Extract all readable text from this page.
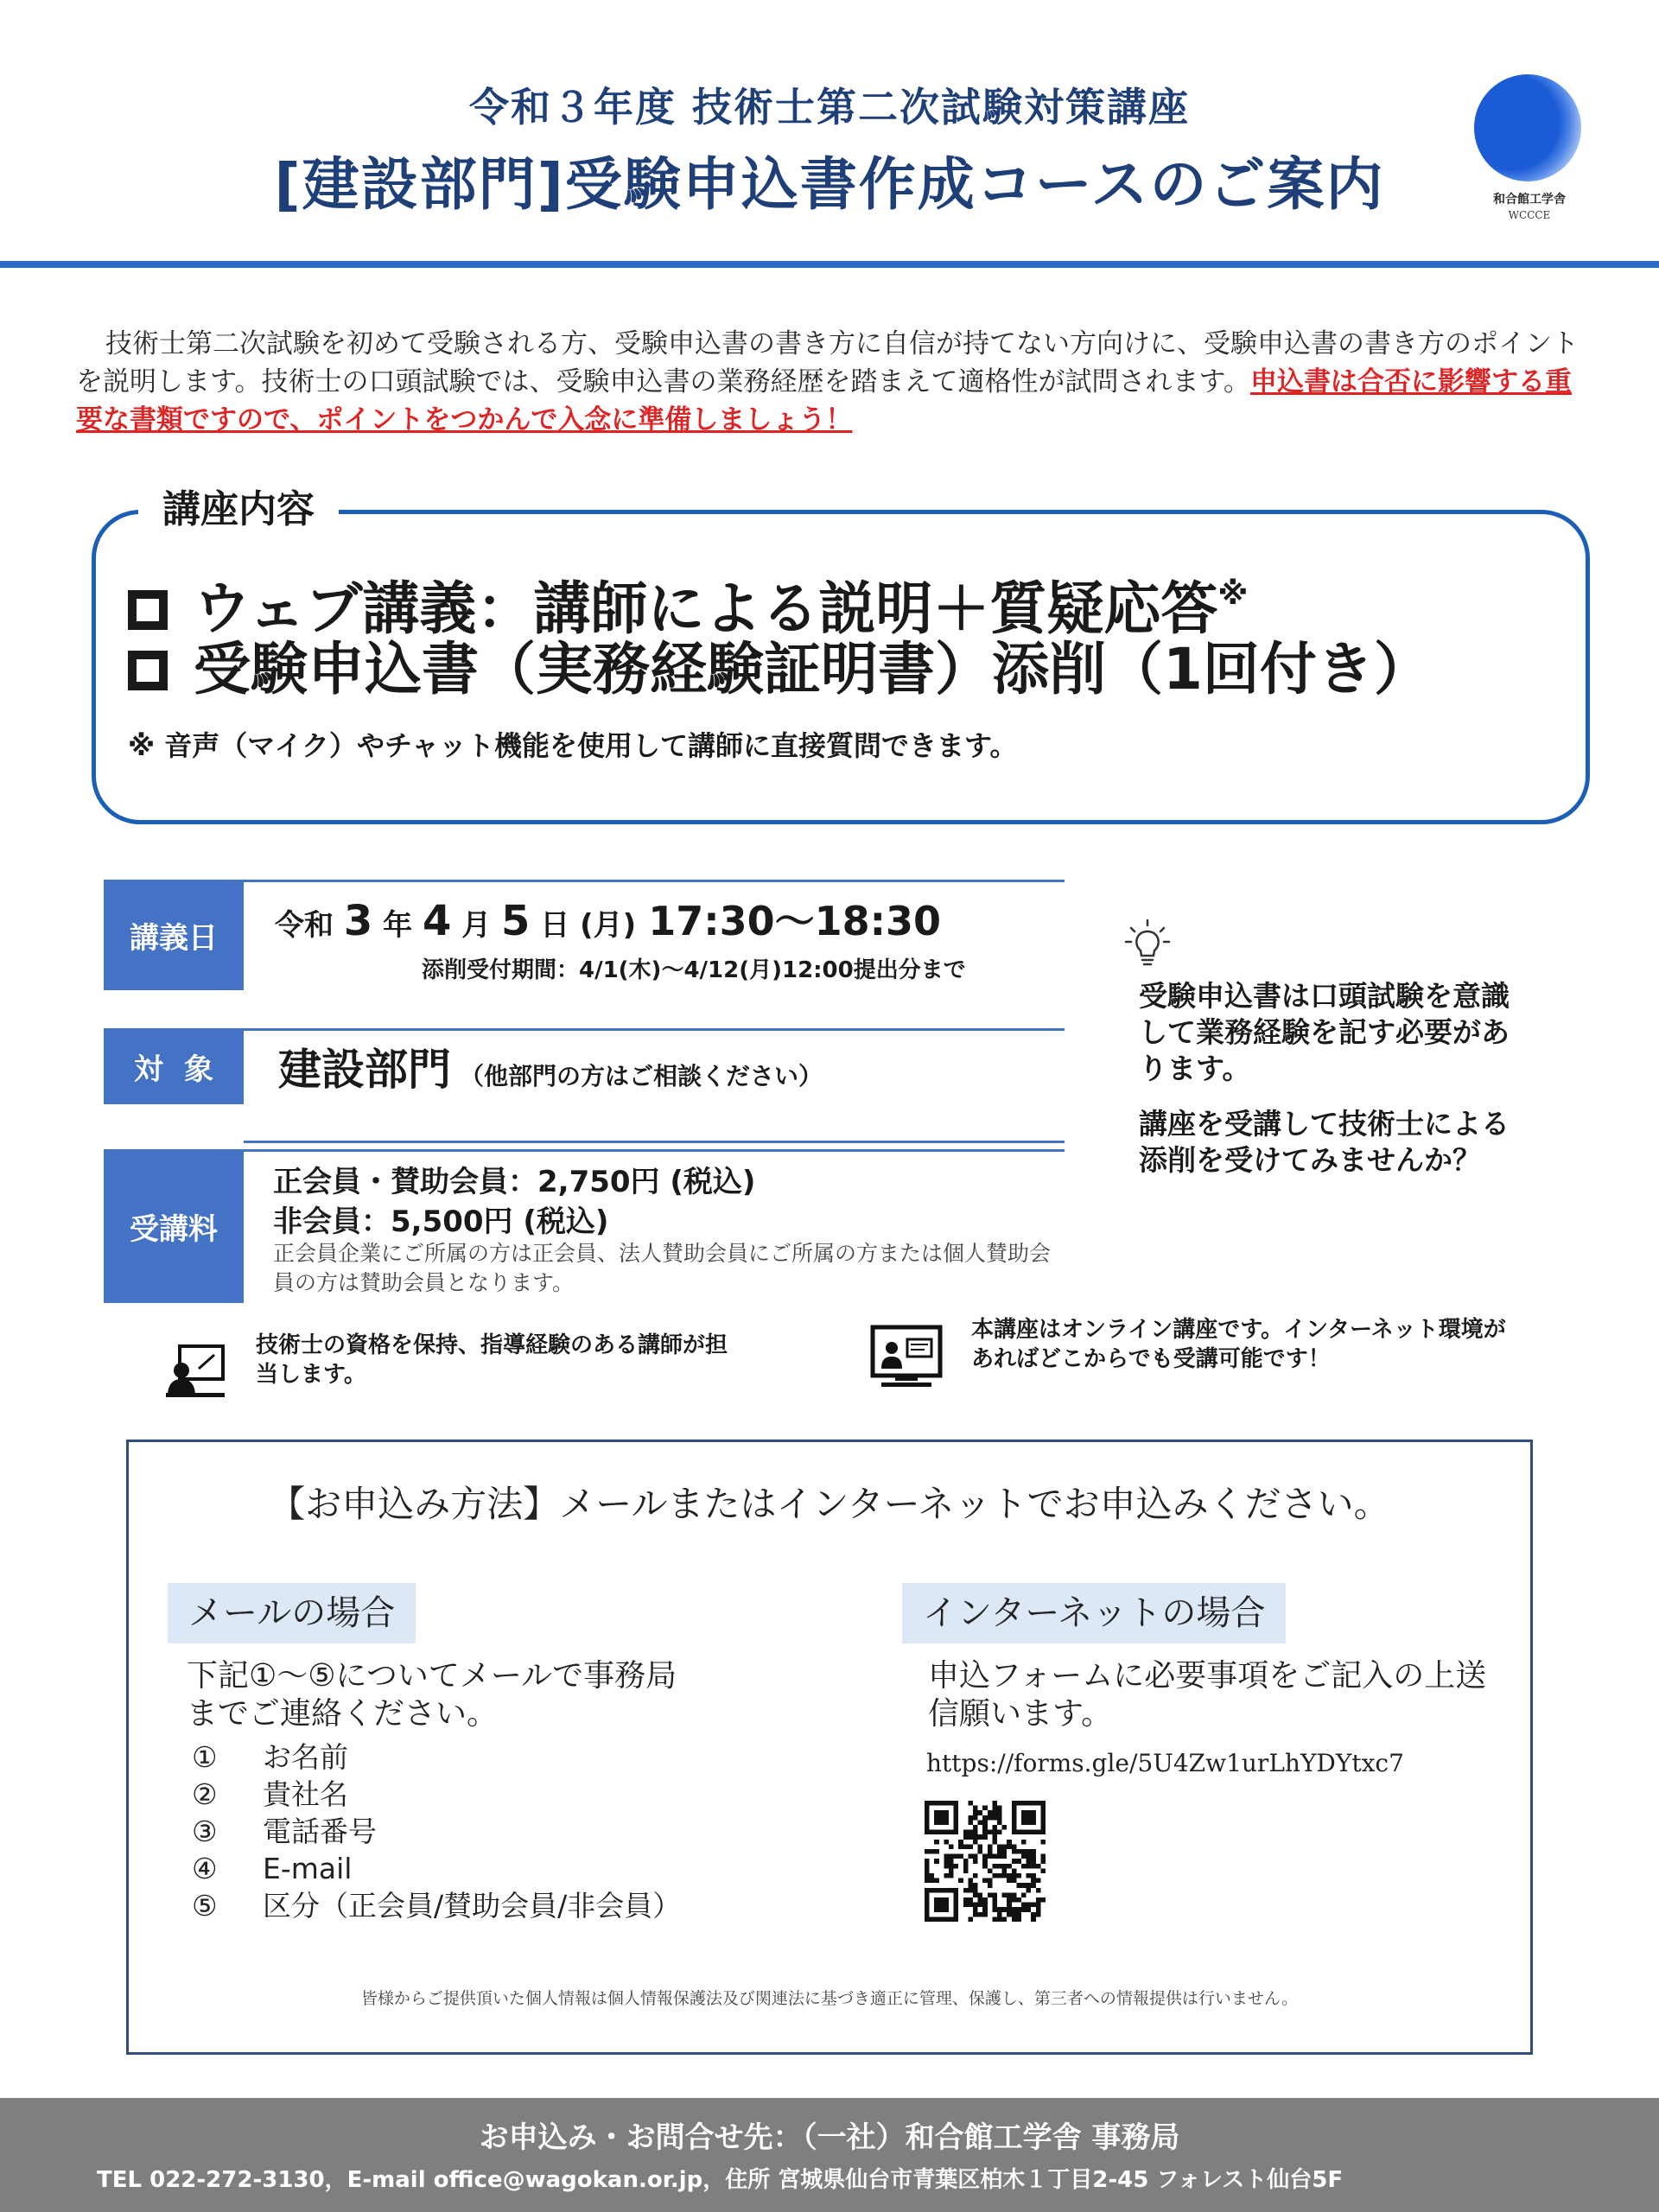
令和３年度 技術士第二次試験対策講座
[建設部門]受験申込書作成コースのご案内	和合館工学舎
WCCCE
技術士第二次試験を初めて受験される方、受験申込書の書き方に自信が持てない方向けに、受験申込書の書き方のポイントを説明します。技術士の口頭試験では、受験申込書の業務経歴を踏まえて適格性が試問されます。申込書は合否に影響する重要な書類ですので、ポイントをつかんで入念に準備しましょう！
講座内容
ウェブ講義：講師による説明＋質疑応答※
受験申込書（実務経験証明書）添削（1回付き）
※ 音声（マイク）やチャット機能を使用して講師に直接質問できます。
講義日	令和 3 年 4 月 5 日 (月) 17:30〜18:30
添削受付期間：4/1(木)〜4/12(月)12:00提出分まで
対象 建設部門 （他部門の方はご相談ください）
受講料
正会員・賛助会員：2,750円 (税込)
非会員：5,500円 (税込)
正会員企業にご所属の方は正会員、法人賛助会員にご所属の方または個人賛助会員の方は賛助会員となります。
受験申込書は口頭試験を意識して業務経験を記す必要があります。
講座を受講して技術士による添削を受けてみませんか？
技術士の資格を保持、指導経験のある講師が担当します。
本講座はオンライン講座です。インターネット環境があればどこからでも受講可能です！
【お申込み方法】メールまたはインターネットでお申込みください。
メールの場合
下記①〜⑤についてメールで事務局までご連絡ください。
①	お名前
②	貴社名
③	電話番号
④	E-mail
⑤	区分（正会員/賛助会員/非会員）
インターネットの場合
申込フォームに必要事項をご記入の上送信願います。
https://forms.gle/5U4Zw1urLhYDYtxc7
皆様からご提供頂いた個人情報は個人情報保護法及び関連法に基づき適正に管理、保護し、第三者への情報提供は行いません。
お申込み・お問合せ先：（一社）和合館工学舎 事務局
TEL 022-272-3130，E-mail office@wagokan.or.jp，住所 宮城県仙台市青葉区柏木１丁目2-45 フォレスト仙台5F
